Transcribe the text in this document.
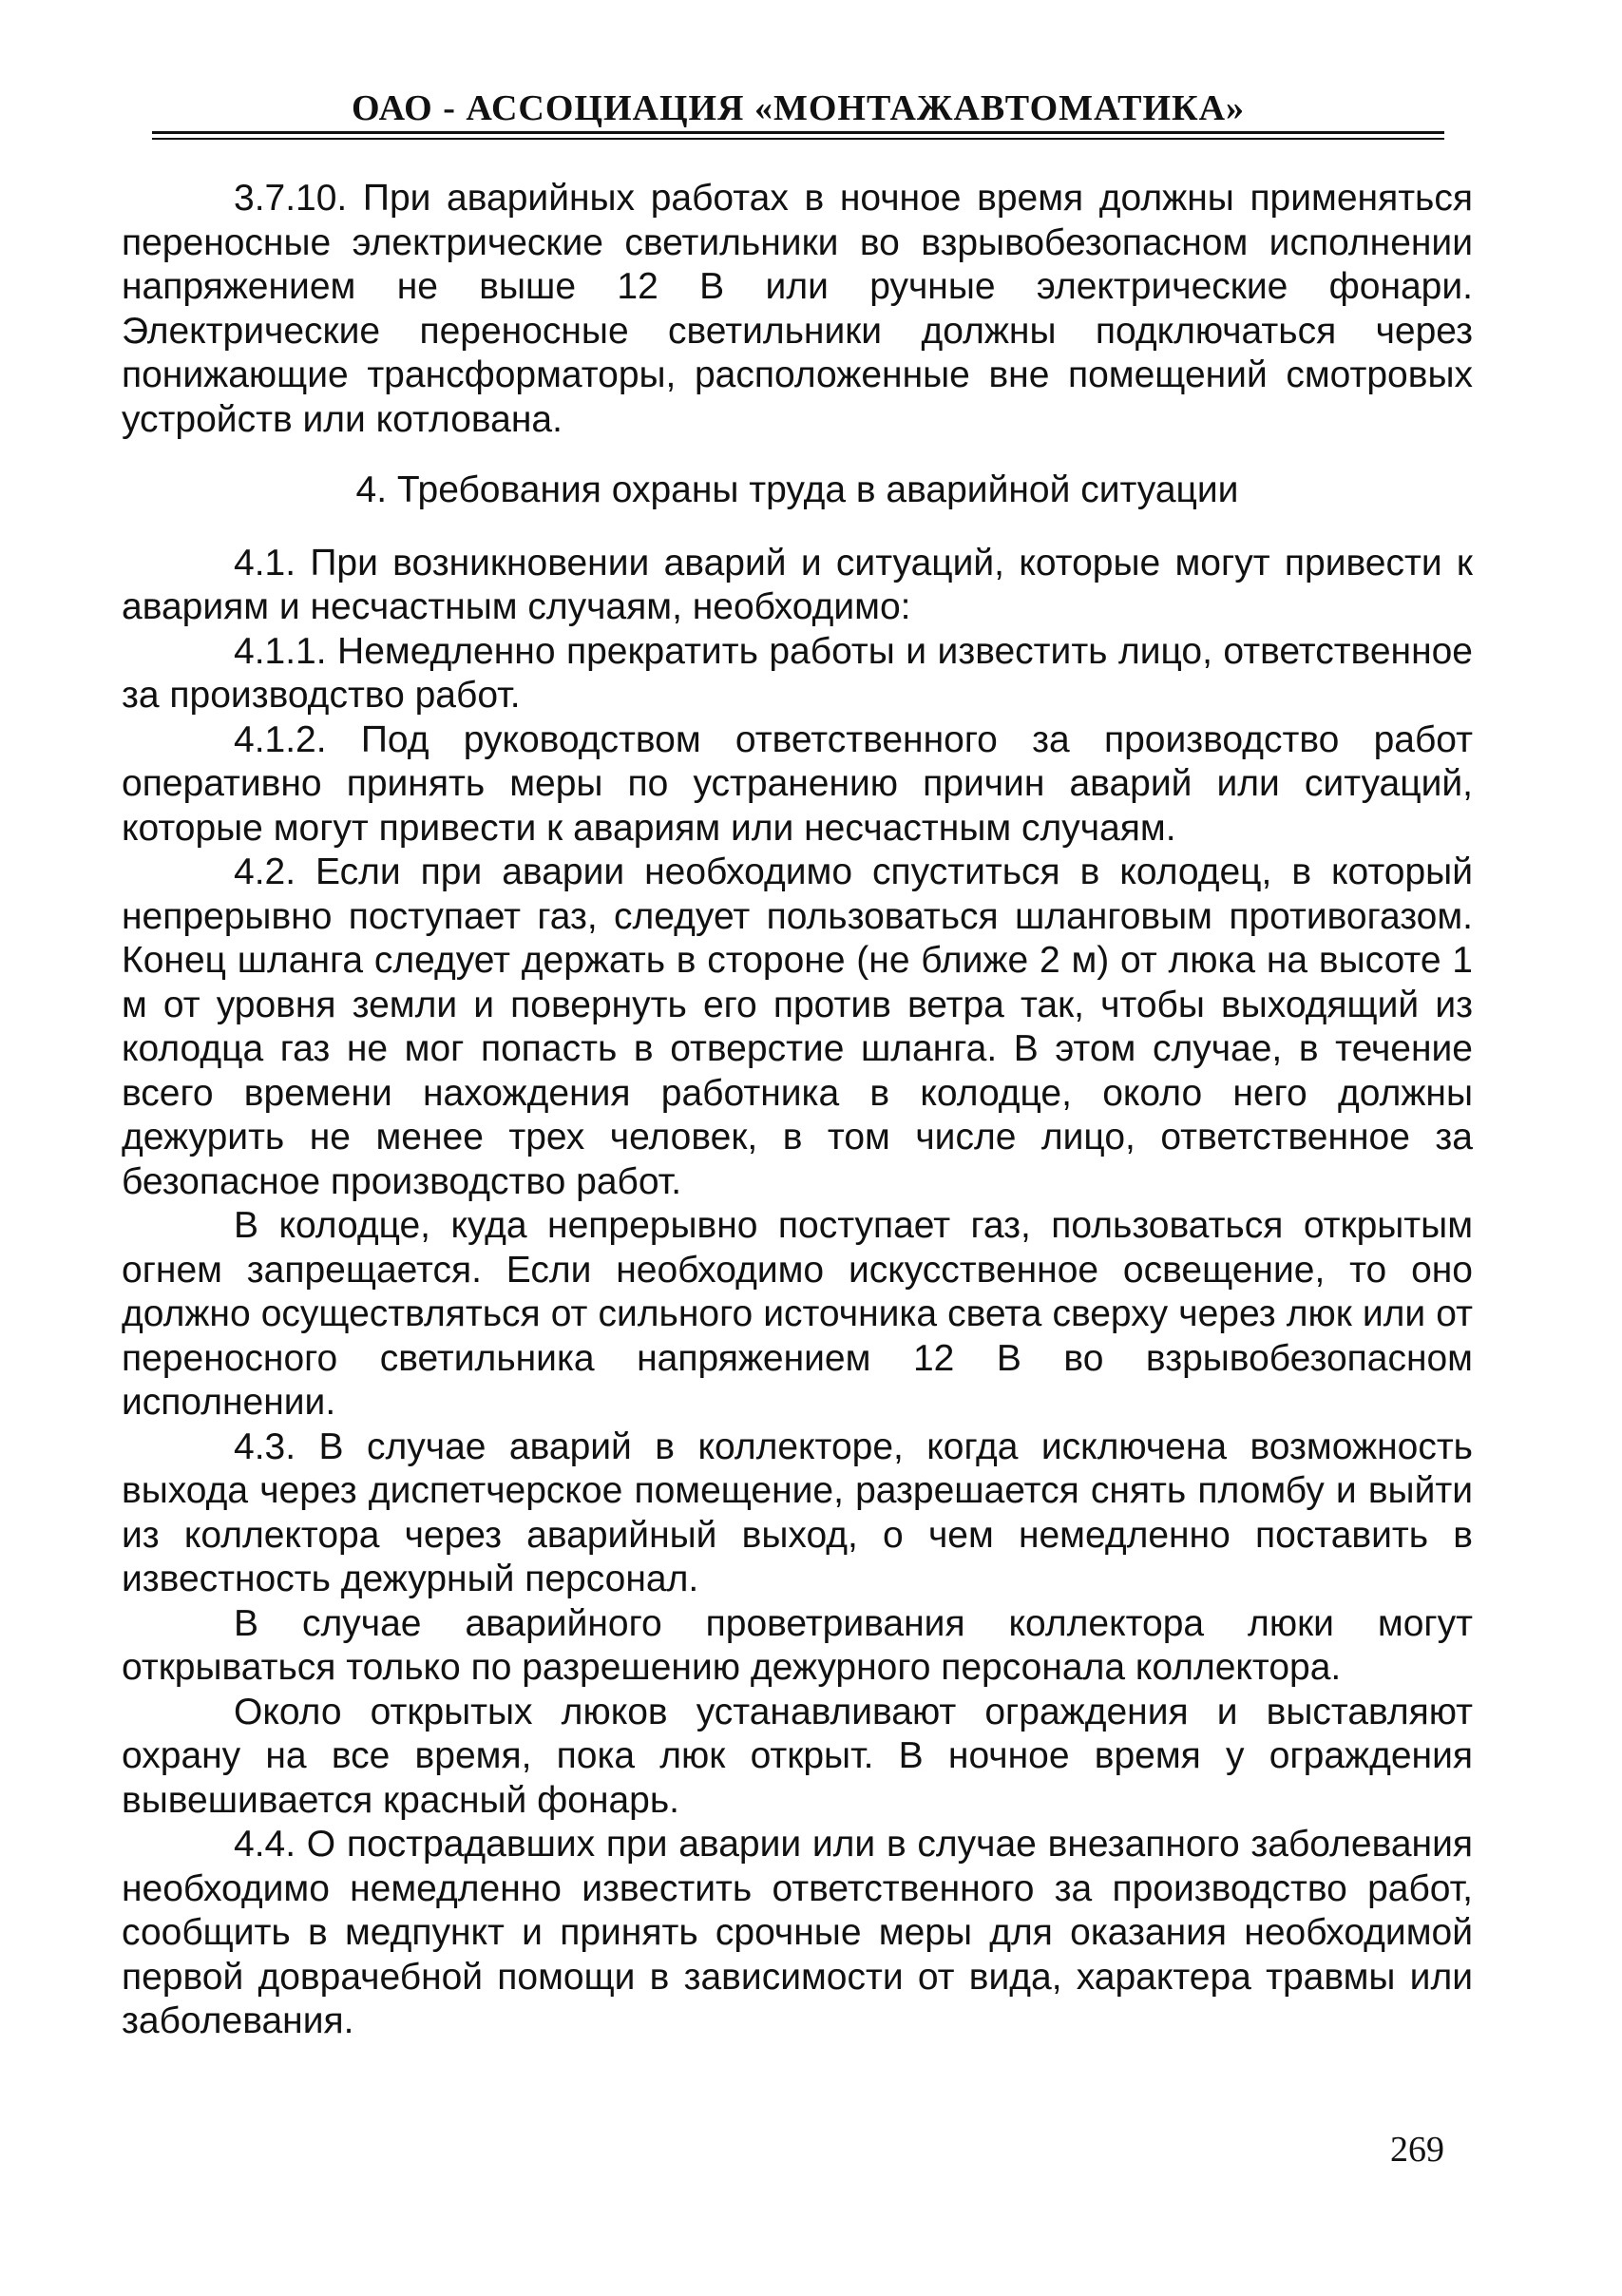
ОАО - АССОЦИАЦИЯ «МОНТАЖАВТОМАТИКА»

3.7.10. При аварийных работах в ночное время должны применяться переносные электрические светильники во взрывобезопасном исполнении напряжением не выше 12 В или ручные электрические фонари. Электрические переносные светильники должны подключаться через понижающие трансформаторы, расположенные вне помещений смотровых устройств или котлована.

4. Требования охраны труда в аварийной ситуации

4.1. При возникновении аварий и ситуаций, которые могут привести к авариям и несчастным случаям, необходимо:

4.1.1. Немедленно прекратить работы и известить лицо, ответственное за производство работ.

4.1.2. Под руководством ответственного за производство работ оперативно принять меры по устранению причин аварий или ситуаций, которые могут привести к авариям или несчастным случаям.

4.2. Если при аварии необходимо спуститься в колодец, в который непрерывно поступает газ, следует пользоваться шланговым противогазом. Конец шланга следует держать в стороне (не ближе 2 м) от люка на высоте 1 м от уровня земли и повернуть его против ветра так, чтобы выходящий из колодца газ не мог попасть в отверстие шланга. В этом случае, в течение всего времени нахождения работника в колодце, около него должны дежурить не менее трех человек, в том числе лицо, ответственное за безопасное производство работ.

В колодце, куда непрерывно поступает газ, пользоваться открытым огнем запрещается. Если необходимо искусственное освещение, то оно должно осуществляться от сильного источника света сверху через люк или от переносного светильника напряжением 12 В во взрывобезопасном исполнении.

4.3. В случае аварий в коллекторе, когда исключена возможность выхода через диспетчерское помещение, разрешается снять пломбу и выйти из коллектора через аварийный выход, о чем немедленно поставить в известность дежурный персонал.

В случае аварийного проветривания коллектора люки могут открываться только по разрешению дежурного персонала коллектора.

Около открытых люков устанавливают ограждения и выставляют охрану на все время, пока люк открыт. В ночное время у ограждения вывешивается красный фонарь.

4.4. О пострадавших при аварии или в случае внезапного заболевания необходимо немедленно известить ответственного за производство работ, сообщить в медпункт и принять срочные меры для оказания необходимой первой доврачебной помощи в зависимости от вида, характера травмы или заболевания.

269
